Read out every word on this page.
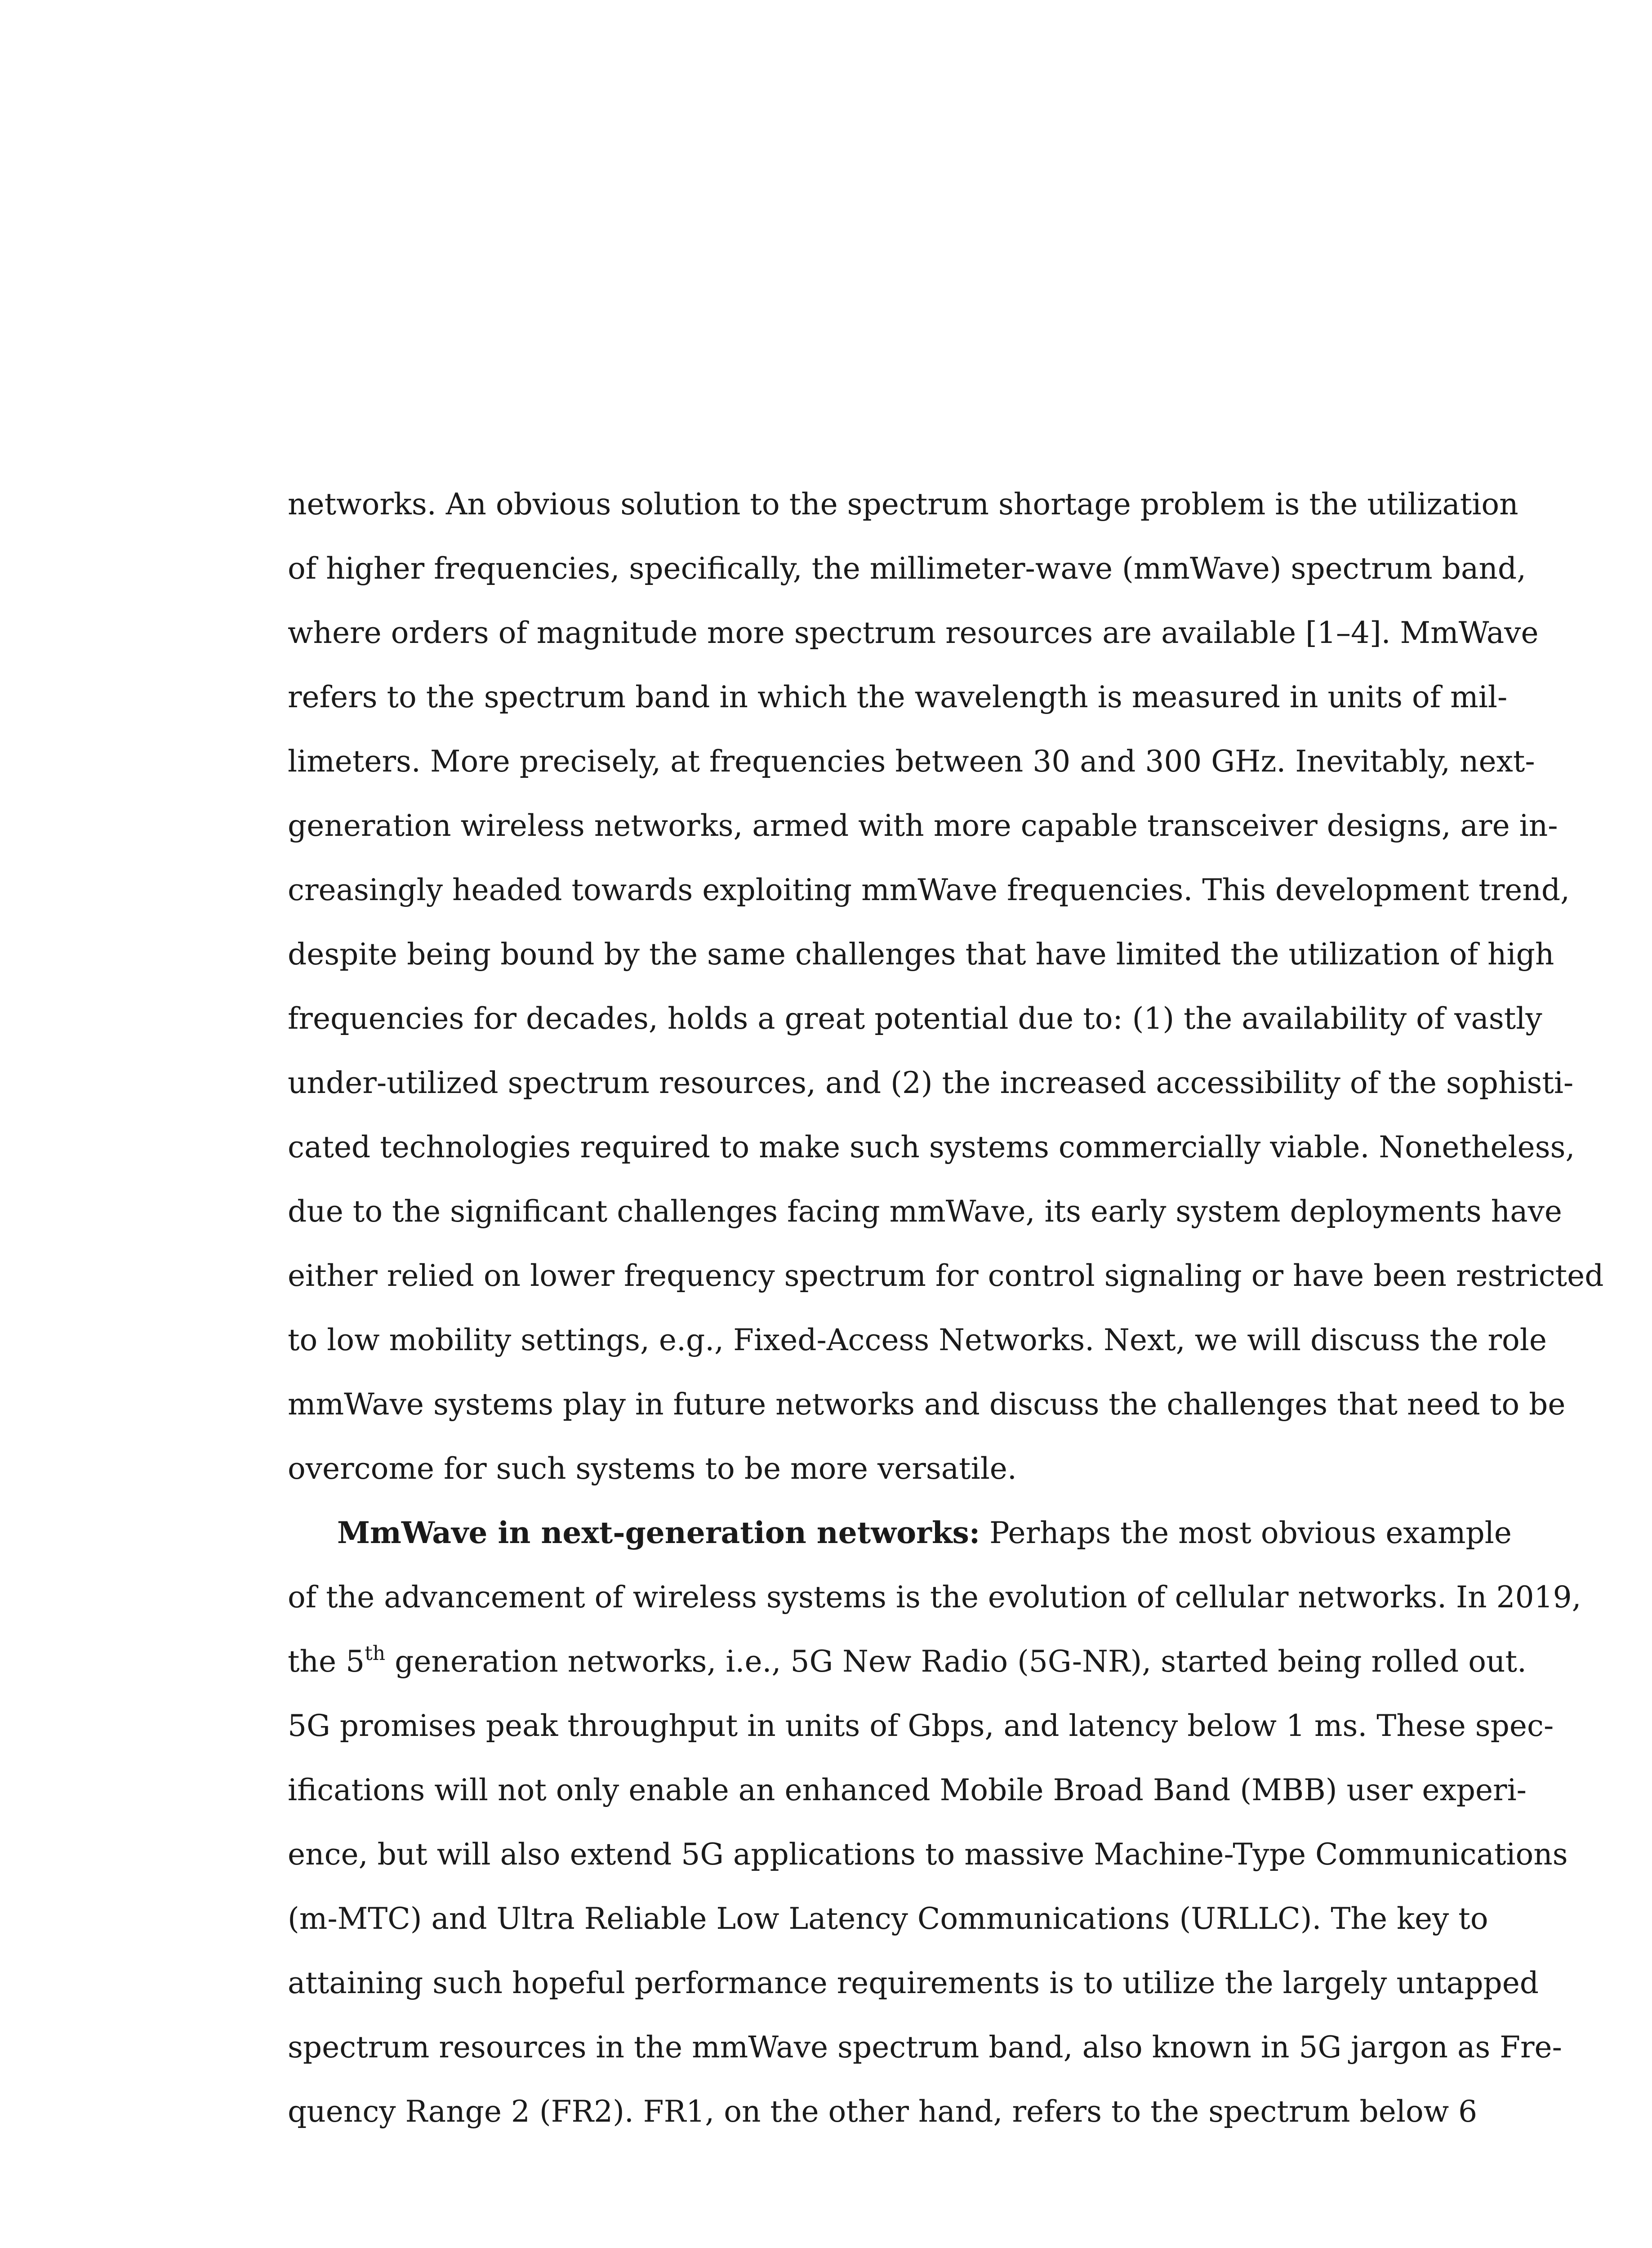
networks. An obvious solution to the spectrum shortage problem is the utilization
of higher frequencies, specifically, the millimeter-wave (mmWave) spectrum band,
where orders of magnitude more spectrum resources are available [1–4]. MmWave
refers to the spectrum band in which the wavelength is measured in units of mil-
limeters. More precisely, at frequencies between 30 and 300 GHz. Inevitably, next-
generation wireless networks, armed with more capable transceiver designs, are in-
creasingly headed towards exploiting mmWave frequencies. This development trend,
despite being bound by the same challenges that have limited the utilization of high
frequencies for decades, holds a great potential due to: (1) the availability of vastly
under-utilized spectrum resources, and (2) the increased accessibility of the sophisti-
cated technologies required to make such systems commercially viable. Nonetheless,
due to the significant challenges facing mmWave, its early system deployments have
either relied on lower frequency spectrum for control signaling or have been restricted
to low mobility settings, e.g., Fixed-Access Networks. Next, we will discuss the role
mmWave systems play in future networks and discuss the challenges that need to be
overcome for such systems to be more versatile.
MmWave in next-generation networks: Perhaps the most obvious example
of the advancement of wireless systems is the evolution of cellular networks. In 2019,
the 5th generation networks, i.e., 5G New Radio (5G-NR), started being rolled out.
5G promises peak throughput in units of Gbps, and latency below 1 ms. These spec-
ifications will not only enable an enhanced Mobile Broad Band (MBB) user experi-
ence, but will also extend 5G applications to massive Machine-Type Communications
(m-MTC) and Ultra Reliable Low Latency Communications (URLLC). The key to
attaining such hopeful performance requirements is to utilize the largely untapped
spectrum resources in the mmWave spectrum band, also known in 5G jargon as Fre-
quency Range 2 (FR2). FR1, on the other hand, refers to the spectrum below 6
